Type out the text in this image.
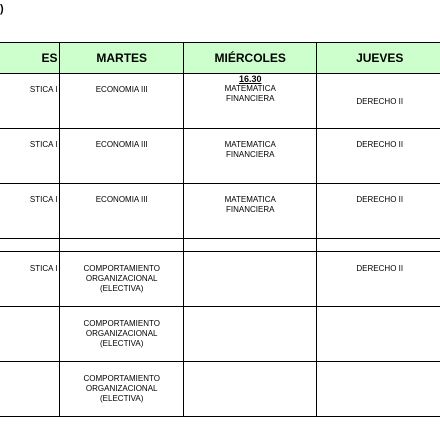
)
ES	MARTES	MIÉRCOLES	JUEVES

STICA I	ECONOMIA III	16.30
MATEMATICA
FINANCIERA	DERECHO II

STICA I	ECONOMIA III	MATEMATICA
FINANCIERA	DERECHO II

STICA I	ECONOMIA III	MATEMATICA
FINANCIERA	DERECHO II

STICA I	COMPORTAMIENTO
ORGANIZACIONAL
(ELECTIVA)		DERECHO II

	COMPORTAMIENTO
ORGANIZACIONAL
(ELECTIVA)		

	COMPORTAMIENTO
ORGANIZACIONAL
(ELECTIVA)		
